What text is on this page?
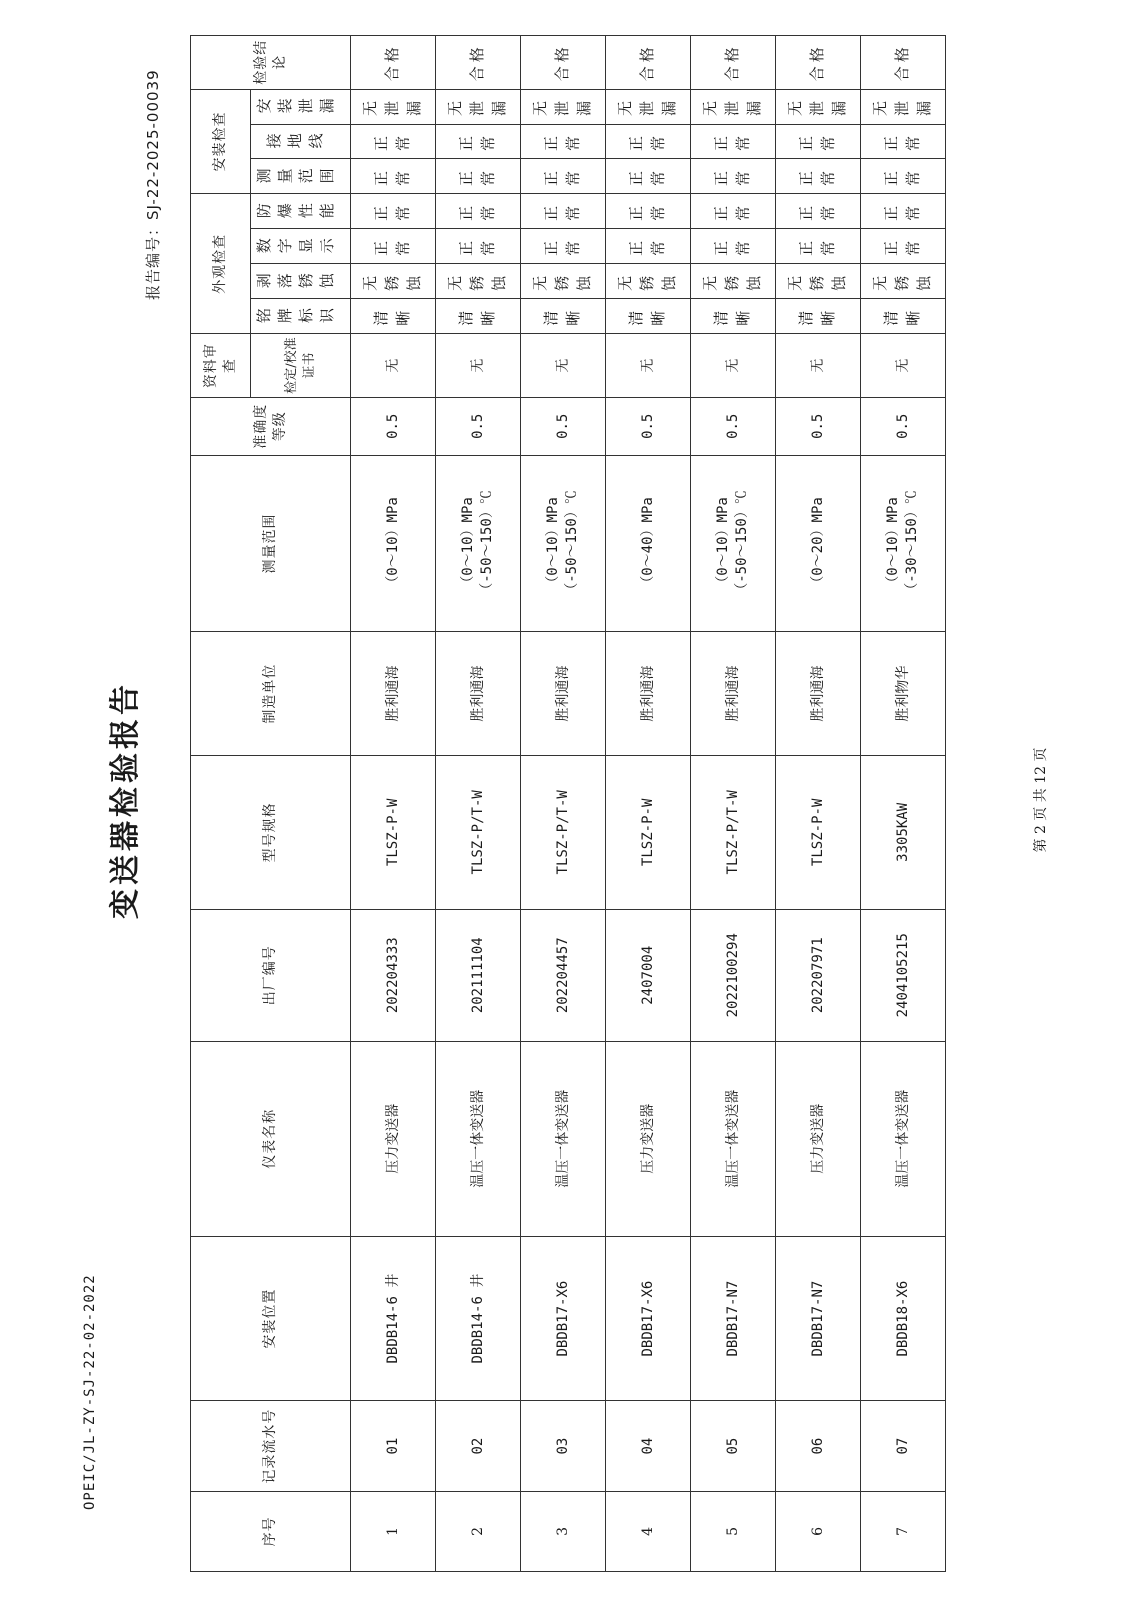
OPEIC/JL-ZY-SJ-22-02-2022
变送器检验报告
报告编号：SJ-22-2025-00039
序号	记录流水号	安装位置	仪表名称	出厂编号	型号规格	制造单位	测量范围	准确度等级	资料审查	外观检查				安装检查			检验结论
									检定/校准证书	铭牌标识	剥落锈蚀	数字显示	防爆性能	测量范围	接地线	安装泄漏	
1	01	DBDB14-6 井	压力变送器	202204333	TLSZ-P-W	胜利通海	（0～10）MPa	0.5	无	清晰	无锈蚀	正常	正常	正常	正常	无泄漏	合格

2	02	DBDB14-6 井	温压一体变送器	202111104	TLSZ-P/T-W	胜利通海	（0～10）MPa （-50～150）℃	0.5	无	清晰	无锈蚀	正常	正常	正常	正常	无泄漏	合格

3	03	DBDB17-X6	温压一体变送器	202204457	TLSZ-P/T-W	胜利通海	（0～10）MPa （-50～150）℃	0.5	无	清晰	无锈蚀	正常	正常	正常	正常	无泄漏	合格

4	04	DBDB17-X6	压力变送器	2407004	TLSZ-P-W	胜利通海	（0～40）MPa	0.5	无	清晰	无锈蚀	正常	正常	正常	正常	无泄漏	合格

5	05	DBDB17-N7	温压一体变送器	2022100294	TLSZ-P/T-W	胜利通海	（0～10）MPa （-50～150）℃	0.5	无	清晰	无锈蚀	正常	正常	正常	正常	无泄漏	合格

6	06	DBDB17-N7	压力变送器	202207971	TLSZ-P-W	胜利通海	（0～20）MPa	0.5	无	清晰	无锈蚀	正常	正常	正常	正常	无泄漏	合格

7	07	DBDB18-X6	温压一体变送器	2404105215	3305KAW	胜利物华	（0～10）MPa （-30～150）℃	0.5	无	清晰	无锈蚀	正常	正常	正常	正常	无泄漏	合格
第 2 页 共 12 页
